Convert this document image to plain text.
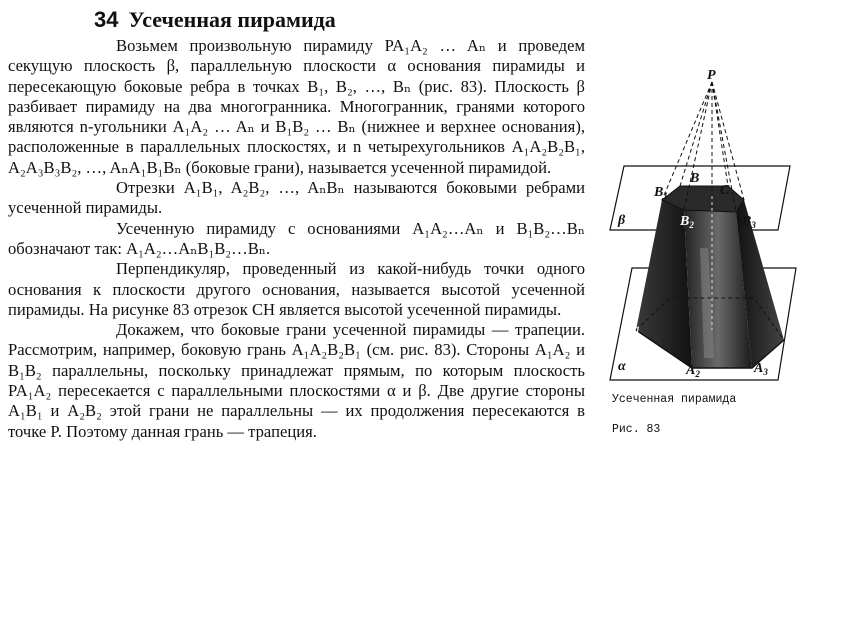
34 Усеченная пирамида

Возьмем произвольную пирамиду PA₁A₂ … Aₙ и проведем секущую плоскость β, параллельную плоскости α основания пирамиды и пересекающую боковые ребра в точках B₁, B₂, …, Bₙ (рис. 83). Плоскость β разбивает пирамиду на два многогранника. Многогранник, гранями которого являются n-угольники A₁A₂ … Aₙ и B₁B₂ … Bₙ (нижнее и верхнее основания), расположенные в параллельных плоскостях, и n четырехугольников A₁A₂B₂B₁, A₂A₃B₃B₂, …, AₙA₁B₁Bₙ (боковые грани), называется усеченной пирамидой.

Отрезки A₁B₁, A₂B₂, …, AₙBₙ называются боковыми ребрами усеченной пирамиды.

Усеченную пирамиду с основаниями A₁A₂…Aₙ и B₁B₂…Bₙ обозначают так: A₁A₂…AₙB₁B₂…Bₙ.

Перпендикуляр, проведенный из какой-нибудь точки одного основания к плоскости другого основания, называется высотой усеченной пирамиды. На рисунке 83 отрезок CH является высотой усеченной пирамиды.

Докажем, что боковые грани усеченной пирамиды — трапеции. Рассмотрим, например, боковую грань A₁A₂B₂B₁ (см. рис. 83). Стороны A₁A₂ и B₁B₂ параллельны, поскольку принадлежат прямым, по которым плоскость PA₁A₂ пересекается с параллельными плоскостями α и β. Две другие стороны A₁B₁ и A₂B₂ этой грани не параллельны — их продолжения пересекаются в точке P. Поэтому данная грань — трапеция.

P
β
α
$B_1$
$B_2$	$B_3$
B
C
$A_1$
$A_2$	$A_3$
Усеченная пирамида
Рис. 83
